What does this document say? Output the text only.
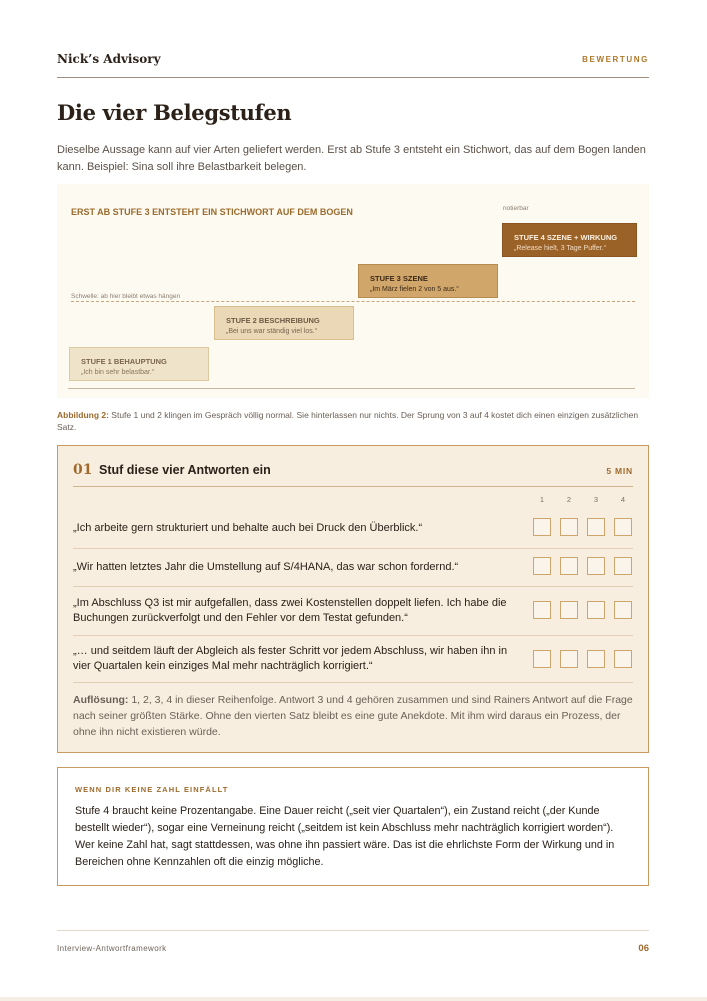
Nick’s Advisory	BEWERTUNG
Die vier Belegstufen
Dieselbe Aussage kann auf vier Arten geliefert werden. Erst ab Stufe 3 entsteht ein Stichwort, das auf dem Bogen landen kann. Beispiel: Sina soll ihre Belastbarkeit belegen.
ERST AB STUFE 3 ENTSTEHT EIN STICHWORT AUF DEM BOGEN	notierbar
Schwelle: ab hier bleibt etwas hängen
STUFE 1 BEHAUPTUNG
„Ich bin sehr belastbar.“
STUFE 2 BESCHREIBUNG
„Bei uns war ständig viel los.“
STUFE 3 SZENE
„Im März fielen 2 von 5 aus.“
STUFE 4 SZENE + WIRKUNG
„Release hielt, 3 Tage Puffer.“
Abbildung 2: Stufe 1 und 2 klingen im Gespräch völlig normal. Sie hinterlassen nur nichts. Der Sprung von 3 auf 4 kostet dich einen einzigen zusätzlichen Satz.
01 Stuf diese vier Antworten ein	5 MIN
1	2	3	4
„Ich arbeite gern strukturiert und behalte auch bei Druck den Überblick.“
„Wir hatten letztes Jahr die Umstellung auf S/4HANA, das war schon fordernd.“
„Im Abschluss Q3 ist mir aufgefallen, dass zwei Kostenstellen doppelt liefen. Ich habe die Buchungen zurückverfolgt und den Fehler vor dem Testat gefunden.“
„… und seitdem läuft der Abgleich als fester Schritt vor jedem Abschluss, wir haben ihn in vier Quartalen kein einziges Mal mehr nachträglich korrigiert.“
Auflösung: 1, 2, 3, 4 in dieser Reihenfolge. Antwort 3 und 4 gehören zusammen und sind Rainers Antwort auf die Frage nach seiner größten Stärke. Ohne den vierten Satz bleibt es eine gute Anekdote. Mit ihm wird daraus ein Prozess, der ohne ihn nicht existieren würde.
WENN DIR KEINE ZAHL EINFÄLLT
Stufe 4 braucht keine Prozentangabe. Eine Dauer reicht („seit vier Quartalen“), ein Zustand reicht („der Kunde bestellt wieder“), sogar eine Verneinung reicht („seitdem ist kein Abschluss mehr nachträglich korrigiert worden“). Wer keine Zahl hat, sagt stattdessen, was ohne ihn passiert wäre. Das ist die ehrlichste Form der Wirkung und in Bereichen ohne Kennzahlen oft die einzig mögliche.
Interview-Antwortframework	06
